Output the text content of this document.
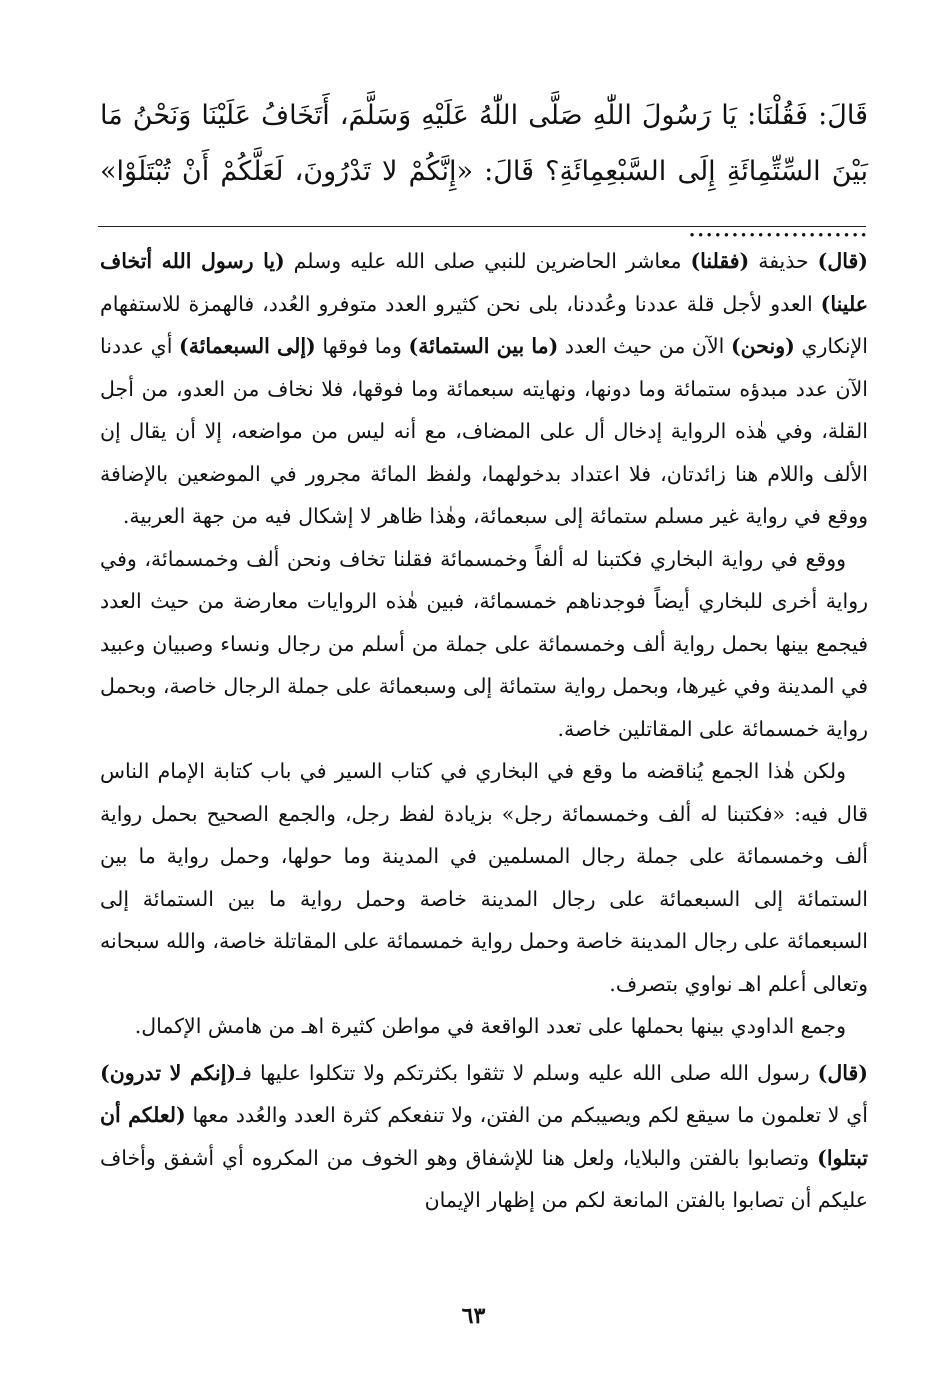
قَالَ: فَقُلْنَا: يَا رَسُولَ اللّٰهِ صَلَّى اللّٰهُ عَلَيْهِ وَسَلَّمَ، أَتَخَافُ عَلَيْنَا وَنَحْنُ مَا بَيْنَ السِّتِّمِائَةِ إِلَى السَّبْعِمِائَةِ؟ قَالَ: «إِنَّكُمْ لا تَدْرُونَ، لَعَلَّكُمْ أَنْ تُبْتَلَوْا» .....................

(قال) حذيفة (فقلنا) معاشر الحاضرين للنبي صلى الله عليه وسلم (يا رسول الله أتخاف علينا) العدو لأجل قلة عددنا وعُددنا، بلى نحن كثيرو العدد متوفرو العُدد، فالهمزة للاستفهام الإنكاري (ونحن) الآن من حيث العدد (ما بين الستمائة) وما فوقها (إلى السبعمائة) أي عددنا الآن عدد مبدؤه ستمائة وما دونها، ونهايته سبعمائة وما فوقها، فلا نخاف من العدو، من أجل القلة، وفي هٰذه الرواية إدخال أل على المضاف، مع أنه ليس من مواضعه، إلا أن يقال إن الألف واللام هنا زائدتان، فلا اعتداد بدخولهما، ولفظ المائة مجرور في الموضعين بالإضافة ووقع في رواية غير مسلم ستمائة إلى سبعمائة، وهٰذا ظاهر لا إشكال فيه من جهة العربية.

ووقع في رواية البخاري فكتبنا له ألفاً وخمسمائة فقلنا تخاف ونحن ألف وخمسمائة، وفي رواية أخرى للبخاري أيضاً فوجدناهم خمسمائة، فبين هٰذه الروايات معارضة من حيث العدد فيجمع بينها بحمل رواية ألف وخمسمائة على جملة من أسلم من رجال ونساء وصبيان وعبيد في المدينة وفي غيرها، وبحمل رواية ستمائة إلى وسبعمائة على جملة الرجال خاصة، وبحمل رواية خمسمائة على المقاتلين خاصة.

ولكن هٰذا الجمع يُناقضه ما وقع في البخاري في كتاب السير في باب كتابة الإمام الناس قال فيه: «فكتبنا له ألف وخمسمائة رجل» بزيادة لفظ رجل، والجمع الصحيح بحمل رواية ألف وخمسمائة على جملة رجال المسلمين في المدينة وما حولها، وحمل رواية ما بين الستمائة إلى السبعمائة على رجال المدينة خاصة وحمل رواية ما بين الستمائة إلى السبعمائة على رجال المدينة خاصة وحمل رواية خمسمائة على المقاتلة خاصة، والله سبحانه وتعالى أعلم اهـ نواوي بتصرف.

وجمع الداودي بينها بحملها على تعدد الواقعة في مواطن كثيرة اهـ من هامش الإكمال.

(قال) رسول الله صلى الله عليه وسلم لا تثقوا بكثرتكم ولا تتكلوا عليها فـ(إنكم لا تدرون) أي لا تعلمون ما سيقع لكم ويصيبكم من الفتن، ولا تنفعكم كثرة العدد والعُدد معها (لعلكم أن تبتلوا) وتصابوا بالفتن والبلايا، ولعل هنا للإشفاق وهو الخوف من المكروه أي أشفق وأخاف عليكم أن تصابوا بالفتن المانعة لكم من إظهار الإيمان

٦٣
